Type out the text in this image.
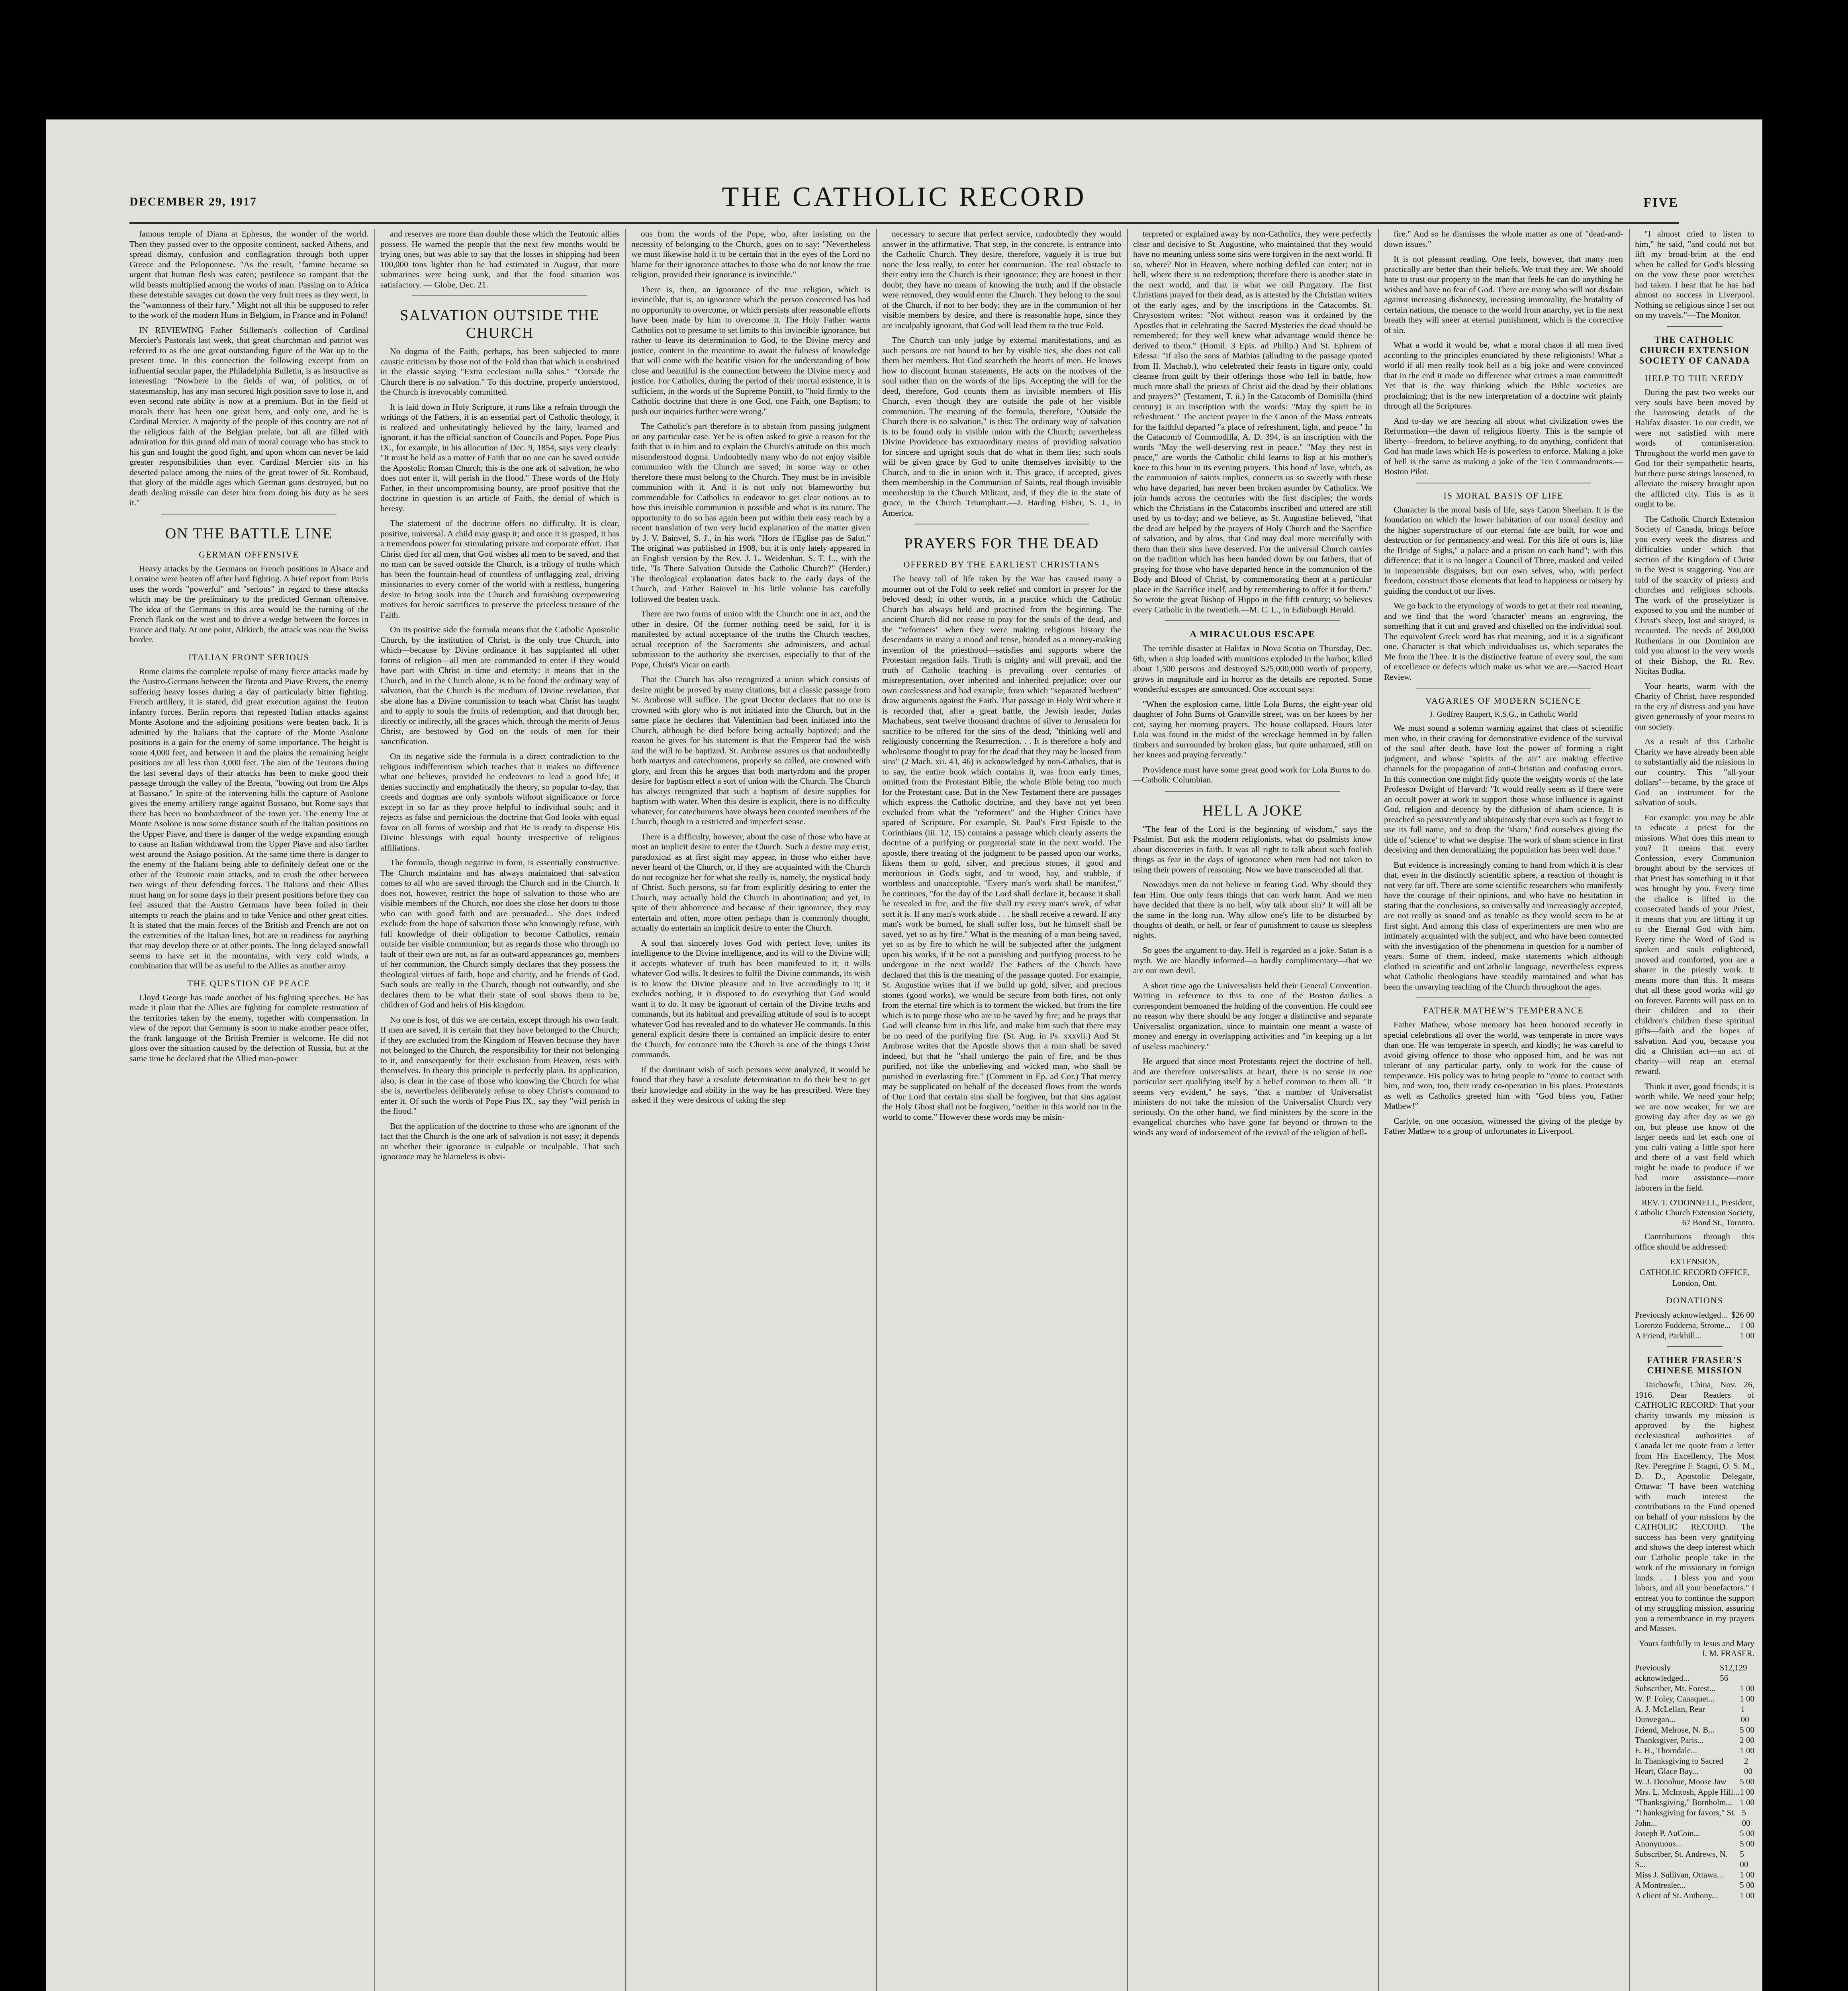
DECEMBER 29, 1917	THE CATHOLIC RECORD	FIVE

famous temple of Diana at Ephesus, the wonder of the world. Then they passed over to the opposite continent, sacked Athens, and spread dismay, confusion and conflagration through both upper Greece and the Peloponnese. "As the result, "famine became so urgent that human flesh was eaten; pestilence so rampant that the wild beasts multiplied among the works of man. Passing on to Africa these detestable savages cut down the very fruit trees as they went, in the "wantonness of their fury." Might not all this be supposed to refer to the work of the modern Huns in Belgium, in France and in Poland!

IN REVIEWING Father Stilleman's collection of Cardinal Mercier's Pastorals last week, that great churchman and patriot was referred to as the one great outstanding figure of the War up to the present time. In this connection the following excerpt from an influential secular paper, the Philadelphia Bulletin, is as instructive as interesting: "Nowhere in the fields of war, of politics, or of statesmanship, has any man secured high position save to lose it, and even second rate ability is now at a premium. But in the field of morals there has been one great hero, and only one, and he is Cardinal Mercier. A majority of the people of this country are not of the religious faith of the Belgian prelate, but all are filled with admiration for this grand old man of moral courage who has stuck to his gun and fought the good fight, and upon whom can never be laid greater responsibilities than ever. Cardinal Mercier sits in his deserted palace among the ruins of the great tower of St. Rombaud, that glory of the middle ages which German guns destroyed, but no death dealing missile can deter him from doing his duty as he sees it."

ON THE BATTLE LINE
GERMAN OFFENSIVE

Heavy attacks by the Germans on French positions in Alsace and Lorraine were beaten off after hard fighting. A brief report from Paris uses the words "powerful" and "serious" in regard to these attacks which may be the preliminary to the predicted German offensive. The idea of the Germans in this area would be the turning of the French flank on the west and to drive a wedge between the forces in France and Italy. At one point, Altkirch, the attack was near the Swiss border.

ITALIAN FRONT SERIOUS

Rome claims the complete repulse of many fierce attacks made by the Austro-Germans between the Brenta and Piave Rivers, the enemy suffering heavy losses during a day of particularly bitter fighting. French artillery, it is stated, did great execution against the Teuton infantry forces. Berlin reports that repeated Italian attacks against Monte Asolone and the adjoining positions were beaten back. It is admitted by the Italians that the capture of the Monte Asolone positions is a gain for the enemy of some importance. The height is some 4,000 feet, and between it and the plains the remaining height positions are all less than 3,000 feet. The aim of the Teutons during the last several days of their attacks has been to make good their passage through the valley of the Brenta, "bowing out from the Alps at Bassano." In spite of the intervening hills the capture of Asolone gives the enemy artillery range against Bassano, but Rome says that there has been no bombardment of the town yet. The enemy line at Monte Asolone is now some distance south of the Italian positions on the Upper Piave, and there is danger of the wedge expanding enough to cause an Italian withdrawal from the Upper Piave and also farther west around the Asiago position. At the same time there is danger to the enemy of the Italians being able to definitely defeat one or the other of the Teutonic main attacks, and to crush the other between two wings of their defending forces. The Italians and their Allies must hang on for some days in their present positions before they can feel assured that the Austro Germans have been foiled in their attempts to reach the plains and to take Venice and other great cities. It is stated that the main forces of the British and French are not on the extremities of the Italian lines, but are in readiness for anything that may develop there or at other points. The long delayed snowfall seems to have set in the mountains, with very cold winds, a combination that will be as useful to the Allies as another army.

THE QUESTION OF PEACE

Lloyd George has made another of his fighting speeches. He has made it plain that the Allies are fighting for complete restoration of the territories taken by the enemy, together with compensation. In view of the report that Germany is soon to make another peace offer, the frank language of the British Premier is welcome. He did not gloss over the situation caused by the defection of Russia, but at the same time he declared that the Allied man-power

and reserves are more than double those which the Teutonic allies possess. He warned the people that the next few months would be trying ones, but was able to say that the losses in shipping had been 100,000 tons lighter than he had estimated in August, that more submarines were being sunk, and that the food situation was satisfactory. — Globe, Dec. 21.

SALVATION OUTSIDE THE CHURCH

No dogma of the Faith, perhaps, has been subjected to more caustic criticism by those not of the Fold than that which is enshrined in the classic saying "Extra ecclesiam nulla salus." "Outside the Church there is no salvation." To this doctrine, properly understood, the Church is irrevocably committed.

It is laid down in Holy Scripture, it runs like a refrain through the writings of the Fathers, it is an essential part of Catholic theology, it is realized and unhesitatingly believed by the laity, learned and ignorant, it has the official sanction of Councils and Popes. Pope Pius IX., for example, in his allocution of Dec. 9, 1854, says very clearly: "It must be held as a matter of Faith that no one can be saved outside the Apostolic Roman Church; this is the one ark of salvation, he who does not enter it, will perish in the flood." These words of the Holy Father, in their uncompromising bounty, are proof positive that the doctrine in question is an article of Faith, the denial of which is heresy.

The statement of the doctrine offers no difficulty. It is clear, positive, universal. A child may grasp it; and once it is grasped, it has a tremendous power for stimulating private and corporate effort. That Christ died for all men, that God wishes all men to be saved, and that no man can be saved outside the Church, is a trilogy of truths which has been the fountain-head of countless of unflagging zeal, driving missionaries to every corner of the world with a restless, hungering desire to bring souls into the Church and furnishing overpowering motives for heroic sacrifices to preserve the priceless treasure of the Faith.

On its positive side the formula means that the Catholic Apostolic Church, by the institution of Christ, is the only true Church, into which—because by Divine ordinance it has supplanted all other forms of religion—all men are commanded to enter if they would have part with Christ in time and eternity: it means that in the Church, and in the Church alone, is to be found the ordinary way of salvation, that the Church is the medium of Divine revelation, that she alone has a Divine commission to teach what Christ has taught and to apply to souls the fruits of redemption, and that through her, directly or indirectly, all the graces which, through the merits of Jesus Christ, are bestowed by God on the souls of men for their sanctification.

On its negative side the formula is a direct contradiction to the religious indifferentism which teaches that it makes no difference what one believes, provided he endeavors to lead a good life; it denies succinctly and emphatically the theory, so popular to-day, that creeds and dogmas are only symbols without significance or force except in so far as they prove helpful to individual souls; and it rejects as false and pernicious the doctrine that God looks with equal favor on all forms of worship and that He is ready to dispense His Divine blessings with equal bounty irrespective of religious affiliations.

The formula, though negative in form, is essentially constructive. The Church maintains and has always maintained that salvation comes to all who are saved through the Church and in the Church. It does not, however, restrict the hope of salvation to those who are visible members of the Church, nor does she close her doors to those who can with good faith and are persuaded... She does indeed exclude from the hope of salvation those who knowingly refuse, with full knowledge of their obligation to become Catholics, remain outside her visible communion; but as regards those who through no fault of their own are not, as far as outward appearances go, members of her communion, the Church simply declares that they possess the theological virtues of faith, hope and charity, and be friends of God. Such souls are really in the Church, though not outwardly, and she declares them to be what their state of soul shows them to be, children of God and heirs of His kingdom.

No one is lost, of this we are certain, except through his own fault. If men are saved, it is certain that they have belonged to the Church; if they are excluded from the Kingdom of Heaven because they have not belonged to the Church, the responsibility for their not belonging to it, and consequently for their exclusion from Heaven, rests with themselves. In theory this principle is perfectly plain. Its application, also, is clear in the case of those who knowing the Church for what she is, nevertheless deliberately refuse to obey Christ's command to enter it. Of such the words of Pope Pius IX., say they "will perish in the flood."

But the application of the doctrine to those who are ignorant of the fact that the Church is the one ark of salvation is not easy; it depends on whether their ignorance is culpable or inculpable. That such ignorance may be blameless is obvi-

ous from the words of the Pope, who, after insisting on the necessity of belonging to the Church, goes on to say: "Nevertheless we must likewise hold it to be certain that in the eyes of the Lord no blame for their ignorance attaches to those who do not know the true religion, provided their ignorance is invincible."

There is, then, an ignorance of the true religion, which is invincible, that is, an ignorance which the person concerned has had no opportunity to overcome, or which persists after reasonable efforts have been made by him to overcome it. The Holy Father warns Catholics not to presume to set limits to this invincible ignorance, but rather to leave its determination to God, to the Divine mercy and justice, content in the meantime to await the fulness of knowledge that will come with the beatific vision for the understanding of how close and beautiful is the connection between the Divine mercy and justice. For Catholics, during the period of their mortal existence, it is sufficient, in the words of the Supreme Pontiff, to "hold firmly to the Catholic doctrine that there is one God, one Faith, one Baptism; to push our inquiries further were wrong."

The Catholic's part therefore is to abstain from passing judgment on any particular case. Yet he is often asked to give a reason for the faith that is in him and to explain the Church's attitude on this much misunderstood dogma. Undoubtedly many who do not enjoy visible communion with the Church are saved; in some way or other therefore these must belong to the Church. They must be in invisible communion with it. And it is not only not blameworthy but commendable for Catholics to endeavor to get clear notions as to how this invisible communion is possible and what is its nature. The opportunity to do so has again been put within their easy reach by a recent translation of two very lucid explanation of the matter given by J. V. Bainvel, S. J., in his work "Hors de l'Eglise pas de Salut." The original was published in 1908, but it is only lately appeared in an English version by the Rev. J. L. Weidenhan, S. T. L., with the title, "Is There Salvation Outside the Catholic Church?" (Herder.) The theological explanation dates back to the early days of the Church, and Father Bainvel in his little volume has carefully followed the beaten track.

There are two forms of union with the Church: one in act, and the other in desire. Of the former nothing need be said, for it is manifested by actual acceptance of the truths the Church teaches, actual reception of the Sacraments she administers, and actual submission to the authority she exercises, especially to that of the Pope, Christ's Vicar on earth.

That the Church has also recognized a union which consists of desire might be proved by many citations, but a classic passage from St. Ambrose will suffice. The great Doctor declares that no one is crowned with glory who is not initiated into the Church, but in the same place he declares that Valentinian had been initiated into the Church, although he died before being actually baptized; and the reason he gives for his statement is that the Emperor had the wish and the will to be baptized. St. Ambrose assures us that undoubtedly both martyrs and catechumens, properly so called, are crowned with glory, and from this he argues that both martyrdom and the proper desire for baptism effect a sort of union with the Church. The Church has always recognized that such a baptism of desire supplies for baptism with water. When this desire is explicit, there is no difficulty whatever, for catechumens have always been counted members of the Church, though in a restricted and imperfect sense.

There is a difficulty, however, about the case of those who have at most an implicit desire to enter the Church. Such a desire may exist, paradoxical as at first sight may appear, in those who either have never heard of the Church, or, if they are acquainted with the Church do not recognize her for what she really is, namely, the mystical body of Christ. Such persons, so far from explicitly desiring to enter the Church, may actually hold the Church in abomination; and yet, in spite of their abhorrence and because of their ignorance, they may entertain and often, more often perhaps than is commonly thought, actually do entertain an implicit desire to enter the Church.

A soul that sincerely loves God with perfect love, unites its intelligence to the Divine intelligence, and its will to the Divine will; it accepts whatever of truth has been manifested to it; it wills whatever God wills. It desires to fulfil the Divine commands, its wish is to know the Divine pleasure and to live accordingly to it; it excludes nothing, it is disposed to do everything that God would want it to do. It may be ignorant of certain of the Divine truths and commands, but its habitual and prevailing attitude of soul is to accept whatever God has revealed and to do whatever He commands. In this general explicit desire there is contained an implicit desire to enter the Church, for entrance into the Church is one of the things Christ commands.

If the dominant wish of such persons were analyzed, it would be found that they have a resolute determination to do their best to get their knowledge and ability in the way he has prescribed. Were they asked if they were desirous of taking the step

necessary to secure that perfect service, undoubtedly they would answer in the affirmative. That step, in the concrete, is entrance into the Catholic Church. They desire, therefore, vaguely it is true but none the less really, to enter her communion. The real obstacle to their entry into the Church is their ignorance; they are honest in their doubt; they have no means of knowing the truth; and if the obstacle were removed, they would enter the Church. They belong to the soul of the Church, if not to her body; they are in the communion of her visible members by desire, and there is reasonable hope, since they are inculpably ignorant, that God will lead them to the true Fold.

The Church can only judge by external manifestations, and as such persons are not bound to her by visible ties, she does not call them her members. But God searcheth the hearts of men. He knows how to discount human statements, He acts on the motives of the soul rather than on the words of the lips. Accepting the will for the deed, therefore, God counts them as invisible members of His Church, even though they are outside the pale of her visible communion. The meaning of the formula, therefore, "Outside the Church there is no salvation," is this: The ordinary way of salvation is to be found only in visible union with the Church; nevertheless Divine Providence has extraordinary means of providing salvation for sincere and upright souls that do what in them lies; such souls will be given grace by God to unite themselves invisibly to the Church, and to die in union with it. This grace, if accepted, gives them membership in the Communion of Saints, real though invisible membership in the Church Militant, and, if they die in the state of grace, in the Church Triumphant.—J. Harding Fisher, S. J., in America.

PRAYERS FOR THE DEAD
OFFERED BY THE EARLIEST CHRISTIANS

The heavy toll of life taken by the War has caused many a mourner out of the Fold to seek relief and comfort in prayer for the beloved dead; in other words, in a practice which the Catholic Church has always held and practised from the beginning. The ancient Church did not cease to pray for the souls of the dead, and the "reformers" when they were making religious history the descendants in many a mood and tense, branded as a money-making invention of the priesthood—satisfies and supports where the Protestant negation fails. Truth is mighty and will prevail, and the truth of Catholic teaching is prevailing over centuries of misrepresentation, over inherited and inherited prejudice; over our own carelessness and bad example, from which "separated brethren" draw arguments against the Faith. That passage in Holy Writ where it is recorded that, after a great battle, the Jewish leader, Judas Machabeus, sent twelve thousand drachms of silver to Jerusalem for sacrifice to be offered for the sins of the dead, "thinking well and religiously concerning the Resurrection. . . It is therefore a holy and wholesome thought to pray for the dead that they may be loosed from sins" (2 Mach. xii. 43, 46) is acknowledged by non-Catholics, that is to say, the entire book which contains it, was from early times, omitted from the Protestant Bible, the whole Bible being too much for the Protestant case. But in the New Testament there are passages which express the Catholic doctrine, and they have not yet been excluded from what the "reformers" and the Higher Critics have spared of Scripture. For example, St. Paul's First Epistle to the Corinthians (iii. 12, 15) contains a passage which clearly asserts the doctrine of a purifying or purgatorial state in the next world. The apostle, there treating of the judgment to be passed upon our works, likens them to gold, silver, and precious stones, if good and meritorious in God's sight, and to wood, hay, and stubble, if worthless and unacceptable. "Every man's work shall be manifest," he continues, "for the day of the Lord shall declare it, because it shall be revealed in fire, and the fire shall try every man's work, of what sort it is. If any man's work abide . . . he shall receive a reward. If any man's work be burned, he shall suffer loss, but he himself shall be saved, yet so as by fire." What is the meaning of a man being saved, yet so as by fire to which he will be subjected after the judgment upon his works, if it be not a punishing and purifying process to be undergone in the next world? The Fathers of the Church have declared that this is the meaning of the passage quoted. For example, St. Augustine writes that if we build up gold, silver, and precious stones (good works), we would be secure from both fires, not only from the eternal fire which is to torment the wicked, but from the fire which is to purge those who are to be saved by fire; and he prays that God will cleanse him in this life, and make him such that there may be no need of the purifying fire. (St. Aug. in Ps. xxxvii.) And St. Ambrose writes that the Apostle shows that a man shall be saved indeed, but that he "shall undergo the pain of fire, and be thus purified, not like the unbelieving and wicked man, who shall be punished in everlasting fire." (Comment in Ep. ad Cor.) That mercy may be supplicated on behalf of the deceased flows from the words of Our Lord that certain sins shall be forgiven, but that sins against the Holy Ghost shall not be forgiven, "neither in this world nor in the world to come." However these words may be misin-

terpreted or explained away by non-Catholics, they were perfectly clear and decisive to St. Augustine, who maintained that they would have no meaning unless some sins were forgiven in the next world. If so, where? Not in Heaven, where nothing defiled can enter; not in hell, where there is no redemption; therefore there is another state in the next world, and that is what we call Purgatory. The first Christians prayed for their dead, as is attested by the Christian writers of the early ages, and by the inscriptions in the Catacombs. St. Chrysostom writes: "Not without reason was it ordained by the Apostles that in celebrating the Sacred Mysteries the dead should be remembered; for they well knew what advantage would thence be derived to them." (Homil. 3 Epis. ad Philip.) And St. Ephrem of Edessa: "If also the sons of Mathias (alluding to the passage quoted from II. Machab.), who celebrated their feasts in figure only, could cleanse from guilt by their offerings those who fell in battle, how much more shall the priests of Christ aid the dead by their oblations and prayers?" (Testament, T. ii.) In the Catacomb of Domitilla (third century) is an inscription with the words: "May thy spirit be in refreshment." The ancient prayer in the Canon of the Mass entreats for the faithful departed "a place of refreshment, light, and peace." In the Catacomb of Commodilla, A. D. 394, is an inscription with the words "May the well-deserving rest in peace." "May they rest in peace," are words the Catholic child learns to lisp at his mother's knee to this hour in its evening prayers. This bond of love, which, as the communion of saints implies, connects us so sweetly with those who have departed, has never been broken asunder by Catholics. We join hands across the centuries with the first disciples; the words which the Christians in the Catacombs inscribed and uttered are still used by us to-day; and we believe, as St. Augustine believed, "that the dead are helped by the prayers of Holy Church and the Sacrifice of salvation, and by alms, that God may deal more mercifully with them than their sins have deserved. For the universal Church carries on the tradition which has been handed down by our fathers, that of praying for those who have departed hence in the communion of the Body and Blood of Christ, by commemorating them at a particular place in the Sacrifice itself, and by remembering to offer it for them." So wrote the great Bishop of Hippo in the fifth century; so believes every Catholic in the twentieth.—M. C. L., in Edinburgh Herald.

A MIRACULOUS ESCAPE

The terrible disaster at Halifax in Nova Scotia on Thursday, Dec. 6th, when a ship loaded with munitions exploded in the harbor, killed about 1,500 persons and destroyed $25,000,000 worth of property, grows in magnitude and in horror as the details are reported. Some wonderful escapes are announced. One account says:

"When the explosion came, little Lola Burns, the eight-year old daughter of John Burns of Granville street, was on her knees by her cot, saying her morning prayers. The house collapsed. Hours later Lola was found in the midst of the wreckage hemmed in by fallen timbers and surrounded by broken glass, but quite unharmed, still on her knees and praying fervently."

Providence must have some great good work for Lola Burns to do.—Catholic Columbian.

HELL A JOKE

"The fear of the Lord is the beginning of wisdom," says the Psalmist. But ask the modern religionists, what do psalmists know about discoveries in faith. It was all right to talk about such foolish things as fear in the days of ignorance when men had not taken to using their powers of reasoning. Now we have transcended all that.

Nowadays men do not believe in fearing God. Why should they fear Him. One only fears things that can work harm. And we men have decided that there is no hell, why talk about sin? It will all be the same in the long run. Why allow one's life to be disturbed by thoughts of death, or hell, or fear of punishment to cause us sleepless nights.

So goes the argument to-day. Hell is regarded as a joke. Satan is a myth. We are blandly informed—a hardly complimentary—that we are our own devil.

A short time ago the Universalists held their General Convention. Writing in reference to this to one of the Boston dailies a correspondent bemoaned the holding of the convention. He could see no reason why there should be any longer a distinctive and separate Universalist organization, since to maintain one meant a waste of money and energy in overlapping activities and "in keeping up a lot of useless machinery."

He argued that since most Protestants reject the doctrine of hell, and are therefore universalists at heart, there is no sense in one particular sect qualifying itself by a belief common to them all. "It seems very evident," he says, "that a number of Universalist ministers do not take the mission of the Universalist Church very seriously. On the other hand, we find ministers by the score in the evangelical churches who have gone far beyond or thrown to the winds any word of indorsement of the revival of the religion of hell-

fire." And so he dismisses the whole matter as one of "dead-and-down issues."

It is not pleasant reading. One feels, however, that many men practically are better than their beliefs. We trust they are. We should hate to trust our property to the man that feels he can do anything he wishes and have no fear of God. There are many who will not disdain against increasing dishonesty, increasing immorality, the brutality of certain nations, the menace to the world from anarchy, yet in the next breath they will sneer at eternal punishment, which is the corrective of sin.

What a world it would be, what a moral chaos if all men lived according to the principles enunciated by these religionists! What a world if all men really took hell as a big joke and were convinced that in the end it made no difference what crimes a man committed! Yet that is the way thinking which the Bible societies are proclaiming; that is the new interpretation of a doctrine writ plainly through all the Scriptures.

And to-day we are hearing all about what civilization owes the Reformation—the dawn of religious liberty. This is the sample of liberty—freedom, to believe anything, to do anything, confident that God has made laws which He is powerless to enforce. Making a joke of hell is the same as making a joke of the Ten Commandments.—Boston Pilot.

IS MORAL BASIS OF LIFE

Character is the moral basis of life, says Canon Sheehan. It is the foundation on which the lower habitation of our moral destiny and the higher superstructure of our eternal fate are built, for woe and destruction or for permanency and weal. For this life of ours is, like the Bridge of Sighs," a palace and a prison on each hand"; with this difference: that it is no longer a Council of Three, masked and veiled in impenetrable disguises, but our own selves, who, with perfect freedom, construct those elements that lead to happiness or misery by guiding the conduct of our lives.

We go back to the etymology of words to get at their real meaning, and we find that the word 'character' means an engraving, the something that it cut and graved and chiselled on the individual soul. The equivalent Greek word has that meaning, and it is a significant one. Character is that which individualises us, which separates the Me from the Thee. It is the distinctive feature of every soul, the sum of excellence or defects which make us what we are.—Sacred Heart Review.

VAGARIES OF MODERN SCIENCE
J. Godfrey Raupert, K.S.G., in Catholic World

We must sound a solemn warning against that class of scientific men who, in their craving for demonstrative evidence of the survival of the soul after death, have lost the power of forming a right judgment, and whose "spirits of the air" are making effective channels for the propagation of anti-Christian and confusing errors. In this connection one might fitly quote the weighty words of the late Professor Dwight of Harvard: "It would really seem as if there were an occult power at work to support those whose influence is against God, religion and decency by the diffusion of sham science. It is preached so persistently and ubiquitously that even such as I forget to use its full name, and to drop the 'sham,' find ourselves giving the title of 'science' to what we despise. The work of sham science in first deceiving and then demoralizing the population has been well done."

But evidence is increasingly coming to hand from which it is clear that, even in the distinctly scientific sphere, a reaction of thought is not very far off. There are some scientific researchers who manifestly have the courage of their opinions, and who have no hesitation in stating that the conclusions, so universally and increasingly accepted, are not really as sound and as tenable as they would seem to be at first sight. And among this class of experimenters are men who are intimately acquainted with the subject, and who have been connected with the investigation of the phenomena in question for a number of years. Some of them, indeed, make statements which although clothed in scientific and unCatholic language, nevertheless express what Catholic theologians have steadily maintained and what has been the unvarying teaching of the Church throughout the ages.

FATHER MATHEW'S TEMPERANCE

Father Mathew, whose memory has been honored recently in special celebrations all over the world, was temperate in more ways than one. He was temperate in speech, and kindly; he was careful to avoid giving offence to those who opposed him, and he was not tolerant of any particular party, only to work for the cause of temperance. His policy was to bring people to "come to contact with him, and won, too, their ready co-operation in his plans. Protestants as well as Catholics greeted him with "God bless you, Father Mathew!"

Carlyle, on one occasion, witnessed the giving of the pledge by Father Mathew to a group of unfortunates in Liverpool.

"I almost cried to listen to him," he said, "and could not but lift my broad-brim at the end when he called for God's blessing on the vow these poor wretches had taken. I hear that he has had almost no success in Liverpool. Nothing so religious since I set out on my travels."—The Monitor.

THE CATHOLIC CHURCH EXTENSION SOCIETY OF CANADA
HELP TO THE NEEDY

During the past two weeks our very souls have been moved by the harrowing details of the Halifax disaster. To our credit, we were not satisfied with mere words of commiseration. Throughout the world men gave to God for their sympathetic hearts, but there purse strings loosened, to alleviate the misery brought upon the afflicted city. This is as it ought to be.

The Catholic Church Extension Society of Canada, brings before you every week the distress and difficulties under which that section of the Kingdom of Christ in the West is staggering. You are told of the scarcity of priests and churches and religious schools. The work of the proselytizer is exposed to you and the number of Christ's sheep, lost and strayed, is recounted. The needs of 200,000 Ruthenians in our Dominion are told you almost in the very words of their Bishop, the Rt. Rev. Nicitas Budka.

Your hearts, warm with the Charity of Christ, have responded to the cry of distress and you have given generously of your means to our society.

As a result of this Catholic Charity we have already been able to substantially aid the missions in our country. This "all-your dollars"—became, by the grace of God an instrument for the salvation of souls.

For example: you may be able to educate a priest for the missions. What does this mean to you? It means that every Confession, every Communion brought about by the services of that Priest has something in it that was brought by you. Every time the chalice is lifted in the consecrated hands of your Priest, it means that you are lifting it up to the Eternal God with him. Every time the Word of God is spoken and souls enlightened, moved and comforted, you are a sharer in the priestly work. It means more than this. It means that all these good works will go on forever. Parents will pass on to their children and to their children's children these spiritual gifts—faith and the hopes of salvation. And you, because you did a Christian act—an act of charity—will reap an eternal reward.

Think it over, good friends; it is worth while. We need your help; we are now weaker, for we are growing day after day as we go on, but please use know of the larger needs and let each one of you culti vating a little spot here and there of a vast field which might be made to produce if we had more assistance—more laborers in the field.

REV. T. O'DONNELL, President, Catholic Church Extension Society, 67 Bond St., Toronto.

Contributions through this office should be addressed:

EXTENSION,
CATHOLIC RECORD OFFICE,
London, Ont.
DONATIONS
Previously acknowledged... $26 00
Lorenzo Foddema, Strome... 1 00
A Friend, Parkhill...	1 00
FATHER FRASER'S CHINESE MISSION

Taichowfu, China, Nov. 26, 1916. Dear Readers of CATHOLIC RECORD: That your charity towards my mission is approved by the highest ecclesiastical authorities of Canada let me quote from a letter from His Excellency, The Most Rev. Peregrine F. Stagni, O. S. M., D. D., Apostolic Delegate, Ottawa: "I have been watching with much interest the contributions to the Fund opened on behalf of your missions by the CATHOLIC RECORD. The success has been very gratifying and shows the deep interest which our Catholic people take in the work of the missionary in foreign lands. . . I bless you and your labors, and all your benefactors." I entreat you to continue the support of my struggling mission, assuring you a remembrance in my prayers and Masses.

Yours faithfully in Jesus and Mary J. M. FRASER.
Previously acknowledged...
$12,129 56
Subscriber, Mt. Forest...	1 00
W. P. Foley, Canaquet...	1 00
A. J. McLellan, Rear Dunvegan...
1 00
Friend, Melrose, N. B...	5 00
Thanksgiver, Paris...	2 00
E. H., Thorndale...	1 00
In Thanksgiving to Sacred Heart, Glace Bay...
2 00
W. J. Donohue, Moose Jaw 5 00
Mrs. L. McIntosh, Apple Hill... 1 00
"Thanksgiving," Bornholm... 1 00
"Thanksgiving for favors," St. John...
5 00
Joseph P. AuCoin...	5 00
Anonymous...	5 00
Subscriber, St. Andrews, N. S...
5 00
Miss J. Sullivan, Ottawa... 1 00
A Montrealer...	5 00
A client of St. Anthony...	1 00
